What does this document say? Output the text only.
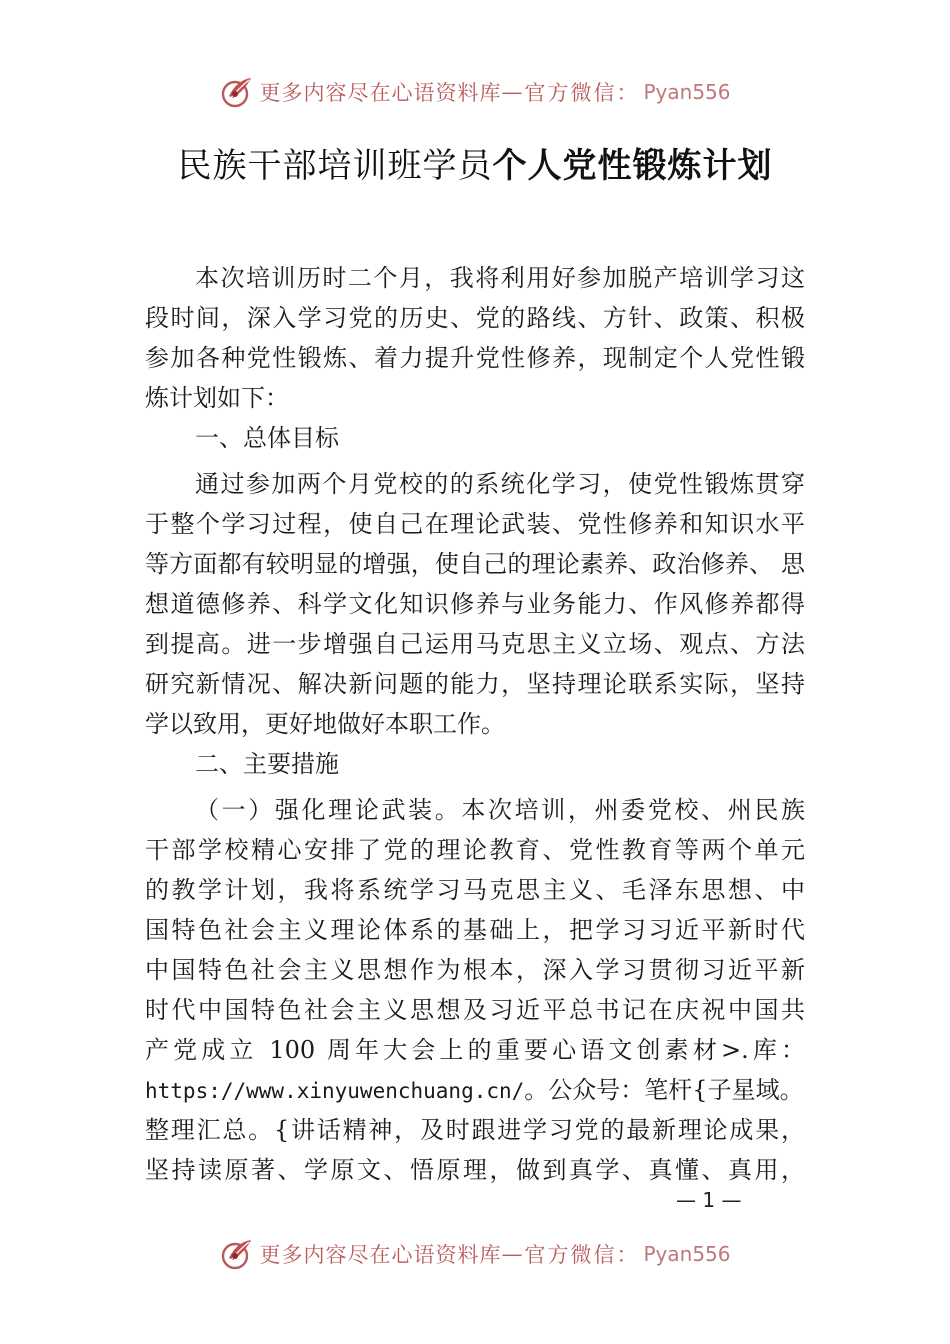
更多内容尽在心语资料库 — 官方微信： Pyan556
民族干部培训班学员个人党性锻炼计划
本次培训历时二个月，我将利用好参加脱产培训学习这
段时间，深入学习党的历史、党的路线、方针、政策、积极
参加各种党性锻炼、着力提升党性修养，现制定个人党性锻
炼计划如下：
一、总体目标
通过参加两个月党校的的系统化学习，使党性锻炼贯穿
于整个学习过程，使自己在理论武装、党性修养和知识水平
等方面都有较明显的增强，使自己的理论素养、政治修养、 思
想道德修养、科学文化知识修养与业务能力、作风修养都得
到提高。进一步增强自己运用马克思主义立场、观点、方法
研究新情况、解决新问题的能力，坚持理论联系实际，坚持
学以致用，更好地做好本职工作。
二、主要措施
（一）强化理论武装。本次培训，州委党校、州民族
干部学校精心安排了党的理论教育、党性教育等两个单元
的教学计划，我将系统学习马克思主义、毛泽东思想、中
国特色社会主义理论体系的基础上，把学习习近平新时代
中国特色社会主义思想作为根本，深入学习贯彻习近平新
时代中国特色社会主义思想及习近平总书记在庆祝中国共
产党成立 100 周年大会上的重要心语文创素材>.库：
https://www.xinyuwenchuang.cn/。公众号：笔杆{子星域。
整理汇总。{讲话精神，及时跟进学习党的最新理论成果，
坚持读原著、学原文、悟原理，做到真学、真懂、真用，
— 1 —
更多内容尽在心语资料库 — 官方微信： Pyan556
